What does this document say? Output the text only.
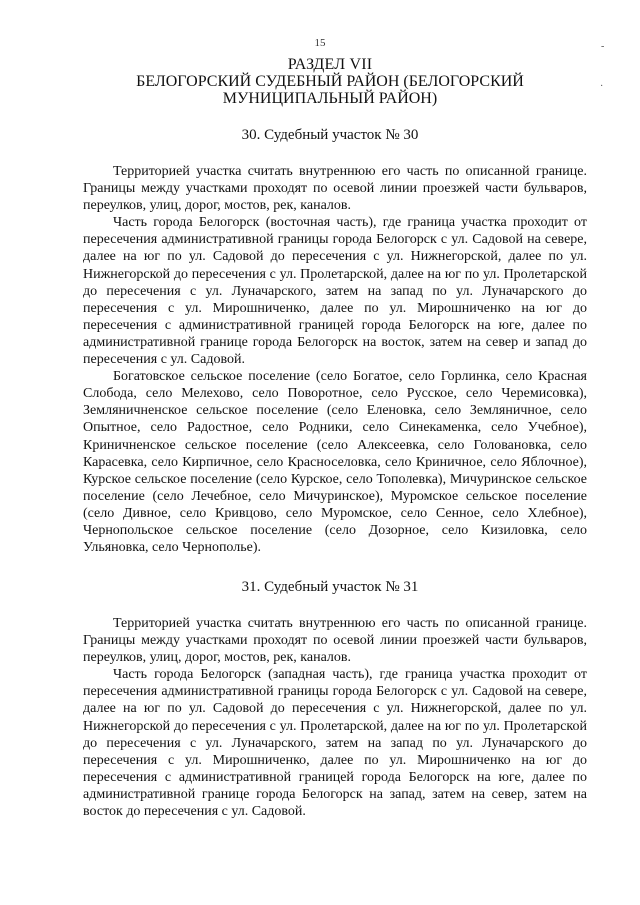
15	-
·
РАЗДЕЛ VII
БЕЛОГОРСКИЙ СУДЕБНЫЙ РАЙОН (БЕЛОГОРСКИЙ
МУНИЦИПАЛЬНЫЙ РАЙОН)
30. Судебный участок № 30

Территорией участка считать внутреннюю его часть по описанной границе. Границы между участками проходят по осевой линии проезжей части бульваров, переулков, улиц, дорог, мостов, рек, каналов.

Часть города Белогорск (восточная часть), где граница участка проходит от пересечения административной границы города Белогорск с ул. Садовой на севере, далее на юг по ул. Садовой до пересечения с ул. Нижнегорской, далее по ул. Нижнегорской до пересечения с ул. Пролетарской, далее на юг по ул. Пролетарской до пересечения с ул. Луначарского, затем на запад по ул. Луначарского до пересечения с ул. Мирошниченко, далее по ул. Мирошниченко на юг до пересечения с административной границей города Белогорск на юге, далее по административной границе города Белогорск на восток, затем на север и запад до пересечения с ул. Садовой.

Богатовское сельское поселение (село Богатое, село Горлинка, село Красная Слобода, село Мелехово, село Поворотное, село Русское, село Черемисовка), Земляничненское сельское поселение (село Еленовка, село Земляничное, село Опытное, село Радостное, село Родники, село Синекаменка, село Учебное), Криничненское сельское поселение (село Алексеевка, село Головановка, село Карасевка, село Кирпичное, село Красноселовка, село Криничное, село Яблочное), Курское сельское поселение (село Курское, село Тополевка), Мичуринское сельское поселение (село Лечебное, село Мичуринское), Муромское сельское поселение (село Дивное, село Кривцово, село Муромское, село Сенное, село Хлебное), Чернопольское сельское поселение (село Дозорное, село Кизиловка, село Ульяновка, село Чернополье).

31. Судебный участок № 31

Территорией участка считать внутреннюю его часть по описанной границе. Границы между участками проходят по осевой линии проезжей части бульваров, переулков, улиц, дорог, мостов, рек, каналов.

Часть города Белогорск (западная часть), где граница участка проходит от пересечения административной границы города Белогорск с ул. Садовой на севере, далее на юг по ул. Садовой до пересечения с ул. Нижнегорской, далее по ул. Нижнегорской до пересечения с ул. Пролетарской, далее на юг по ул. Пролетарской до пересечения с ул. Луначарского, затем на запад по ул. Луначарского до пересечения с ул. Мирошниченко, далее по ул. Мирошниченко на юг до пересечения с административной границей города Белогорск на юге, далее по административной границе города Белогорск на запад, затем на север, затем на восток до пересечения с ул. Садовой.
